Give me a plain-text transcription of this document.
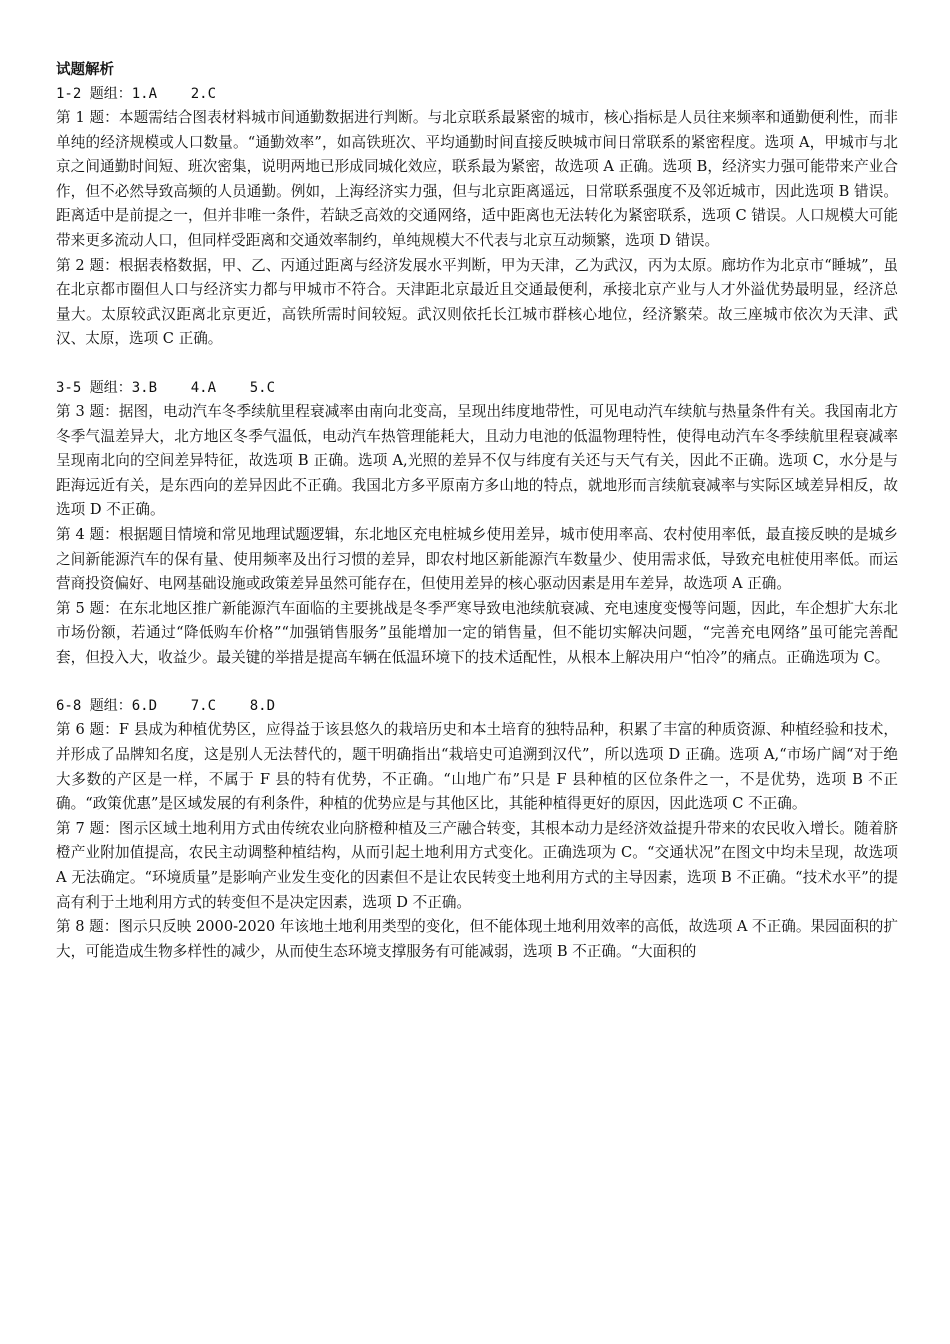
试题解析

1-2 题组：1.A    2.C

第 1 题：本题需结合图表材料城市间通勤数据进行判断。与北京联系最紧密的城市，核心指标是人员往来频率和通勤便利性，而非单纯的经济规模或人口数量。“通勤效率”，如高铁班次、平均通勤时间直接反映城市间日常联系的紧密程度。选项 A，甲城市与北京之间通勤时间短、班次密集，说明两地已形成同城化效应，联系最为紧密，故选项 A 正确。选项 B，经济实力强可能带来产业合作，但不必然导致高频的人员通勤。例如，上海经济实力强，但与北京距离遥远，日常联系强度不及邻近城市，因此选项 B 错误。距离适中是前提之一，但并非唯一条件，若缺乏高效的交通网络，适中距离也无法转化为紧密联系，选项 C 错误。人口规模大可能带来更多流动人口，但同样受距离和交通效率制约，单纯规模大不代表与北京互动频繁，选项 D 错误。

第 2 题：根据表格数据，甲、乙、丙通过距离与经济发展水平判断，甲为天津，乙为武汉，丙为太原。廊坊作为北京市“睡城”，虽在北京都市圈但人口与经济实力都与甲城市不符合。天津距北京最近且交通最便利，承接北京产业与人才外溢优势最明显，经济总量大。太原较武汉距离北京更近，高铁所需时间较短。武汉则依托长江城市群核心地位，经济繁荣。故三座城市依次为天津、武汉、太原，选项 C 正确。

3-5 题组：3.B    4.A    5.C

第 3 题：据图，电动汽车冬季续航里程衰减率由南向北变高，呈现出纬度地带性，可见电动汽车续航与热量条件有关。我国南北方冬季气温差异大，北方地区冬季气温低，电动汽车热管理能耗大，且动力电池的低温物理特性，使得电动汽车冬季续航里程衰减率呈现南北向的空间差异特征，故选项 B 正确。选项 A,光照的差异不仅与纬度有关还与天气有关，因此不正确。选项 C，水分是与距海远近有关，是东西向的差异因此不正确。我国北方多平原南方多山地的特点，就地形而言续航衰减率与实际区域差异相反，故选项 D 不正确。

第 4 题：根据题目情境和常见地理试题逻辑，东北地区充电桩城乡使用差异，城市使用率高、农村使用率低，最直接反映的是城乡之间新能源汽车的保有量、使用频率及出行习惯的差异，即农村地区新能源汽车数量少、使用需求低，导致充电桩使用率低。而运营商投资偏好、电网基础设施或政策差异虽然可能存在，但使用差异的核心驱动因素是用车差异，故选项 A 正确。

第 5 题：在东北地区推广新能源汽车面临的主要挑战是冬季严寒导致电池续航衰减、充电速度变慢等问题，因此，车企想扩大东北市场份额，若通过“降低购车价格”“加强销售服务”虽能增加一定的销售量，但不能切实解决问题，“完善充电网络”虽可能完善配套，但投入大，收益少。最关键的举措是提高车辆在低温环境下的技术适配性，从根本上解决用户“怕冷”的痛点。正确选项为 C。

6-8 题组：6.D    7.C    8.D

第 6 题：F 县成为种植优势区，应得益于该县悠久的栽培历史和本土培育的独特品种，积累了丰富的种质资源、种植经验和技术，并形成了品牌知名度，这是别人无法替代的，题干明确指出“栽培史可追溯到汉代”，所以选项 D 正确。选项 A,“市场广阔“对于绝大多数的产区是一样，不属于 F 县的特有优势，不正确。“山地广布”只是 F 县种植的区位条件之一，不是优势，选项 B 不正确。“政策优惠”是区域发展的有利条件，种植的优势应是与其他区比，其能种植得更好的原因，因此选项 C 不正确。

第 7 题：图示区域土地利用方式由传统农业向脐橙种植及三产融合转变，其根本动力是经济效益提升带来的农民收入增长。随着脐橙产业附加值提高，农民主动调整种植结构，从而引起土地利用方式变化。正确选项为 C。“交通状况”在图文中均未呈现，故选项 A 无法确定。“环境质量”是影响产业发生变化的因素但不是让农民转变土地利用方式的主导因素，选项 B 不正确。“技术水平”的提高有利于土地利用方式的转变但不是决定因素，选项 D 不正确。

第 8 题：图示只反映 2000-2020 年该地土地利用类型的变化，但不能体现土地利用效率的高低，故选项 A 不正确。果园面积的扩大，可能造成生物多样性的减少，从而使生态环境支撑服务有可能减弱，选项 B 不正确。“大面积的
